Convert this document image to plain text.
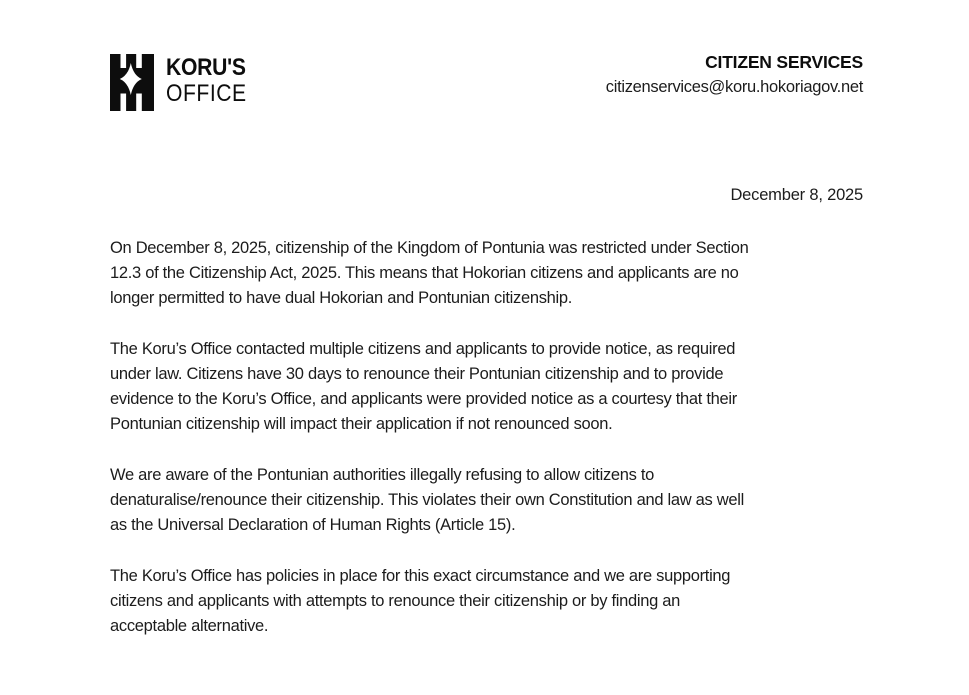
KORU'S
OFFICE
CITIZEN SERVICES
citizenservices@koru.hokoriagov.net
December 8, 2025

On December 8, 2025, citizenship of the Kingdom of Pontunia was restricted under Section
12.3 of the Citizenship Act, 2025. This means that Hokorian citizens and applicants are no
longer permitted to have dual Hokorian and Pontunian citizenship.

The Koru’s Office contacted multiple citizens and applicants to provide notice, as required
under law. Citizens have 30 days to renounce their Pontunian citizenship and to provide
evidence to the Koru’s Office, and applicants were provided notice as a courtesy that their
Pontunian citizenship will impact their application if not renounced soon.

We are aware of the Pontunian authorities illegally refusing to allow citizens to
denaturalise/renounce their citizenship. This violates their own Constitution and law as well
as the Universal Declaration of Human Rights (Article 15).

The Koru’s Office has policies in place for this exact circumstance and we are supporting
citizens and applicants with attempts to renounce their citizenship or by finding an
acceptable alternative.
